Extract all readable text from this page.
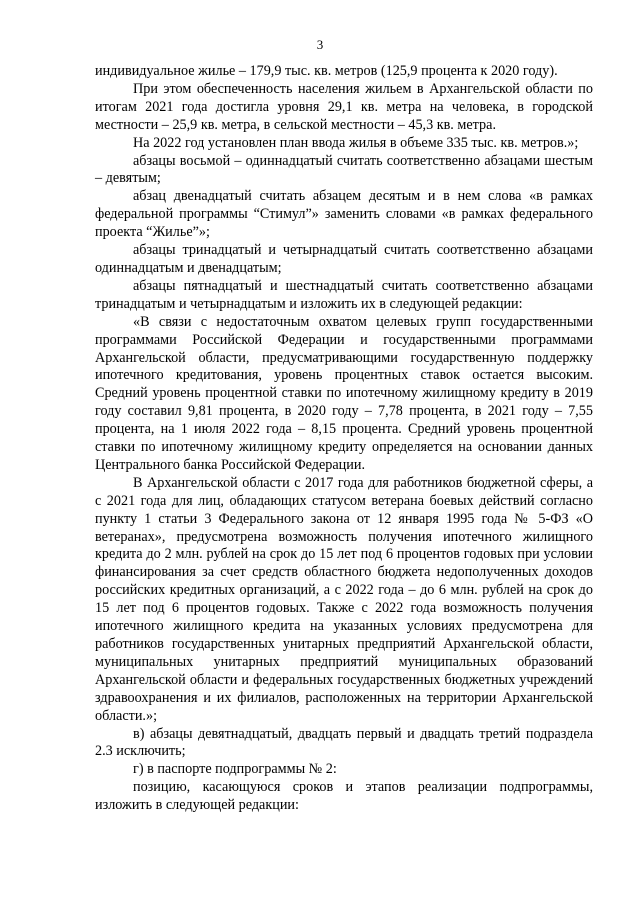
3

индивидуальное жилье – 179,9 тыс. кв. метров (125,9 процента к 2020 году).

При этом обеспеченность населения жильем в Архангельской области по итогам 2021 года достигла уровня 29,1 кв. метра на человека, в городской местности – 25,9 кв. метра, в сельской местности – 45,3 кв. метра.

На 2022 год установлен план ввода жилья в объеме 335 тыс. кв. метров.»;

абзацы восьмой – одиннадцатый считать соответственно абзацами шестым – девятым;

абзац двенадцатый считать абзацем десятым и в нем слова «в рамках федеральной программы “Стимул”» заменить словами «в рамках федерального проекта “Жилье”»;

абзацы тринадцатый и четырнадцатый считать соответственно абзацами одиннадцатым и двенадцатым;

абзацы пятнадцатый и шестнадцатый считать соответственно абзацами тринадцатым и четырнадцатым и изложить их в следующей редакции:

«В связи с недостаточным охватом целевых групп государственными программами Российской Федерации и государственными программами Архангельской области, предусматривающими государственную поддержку ипотечного кредитования, уровень процентных ставок остается высоким. Средний уровень процентной ставки по ипотечному жилищному кредиту в 2019 году составил 9,81 процента, в 2020 году – 7,78 процента, в 2021 году – 7,55 процента, на 1 июля 2022 года – 8,15 процента. Средний уровень процентной ставки по ипотечному жилищному кредиту определяется на основании данных Центрального банка Российской Федерации.

В Архангельской области с 2017 года для работников бюджетной сферы, а с 2021 года для лиц, обладающих статусом ветерана боевых действий согласно пункту 1 статьи 3 Федерального закона от 12 января 1995 года № 5-ФЗ «О ветеранах», предусмотрена возможность получения ипотечного жилищного кредита до 2 млн. рублей на срок до 15 лет под 6 процентов годовых при условии финансирования за счет средств областного бюджета недополученных доходов российских кредитных организаций, а с 2022 года – до 6 млн. рублей на срок до 15 лет под 6 процентов годовых. Также с 2022 года возможность получения ипотечного жилищного кредита на указанных условиях предусмотрена для работников государственных унитарных предприятий Архангельской области, муниципальных унитарных предприятий муниципальных образований Архангельской области и федеральных государственных бюджетных учреждений здравоохранения и их филиалов, расположенных на территории Архангельской области.»;

в) абзацы девятнадцатый, двадцать первый и двадцать третий подраздела 2.3 исключить;

г) в паспорте подпрограммы № 2:

позицию, касающуюся сроков и этапов реализации подпрограммы, изложить в следующей редакции:
